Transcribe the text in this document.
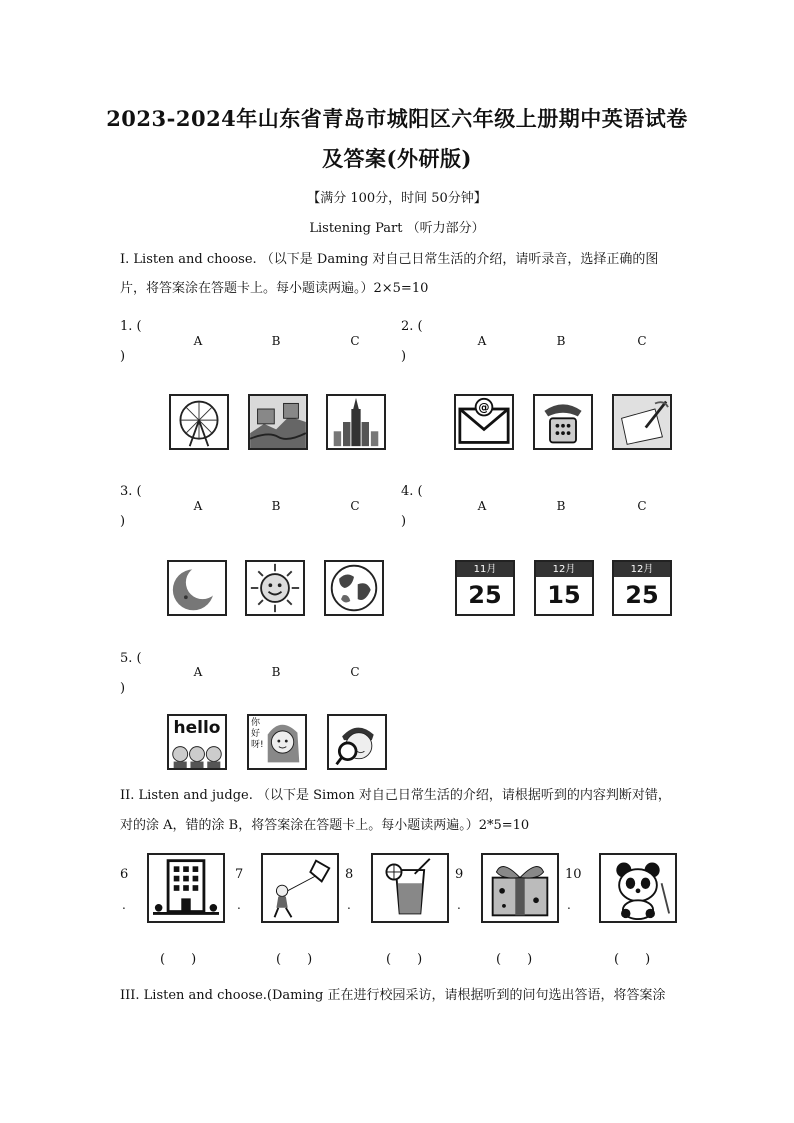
2023-2024年山东省青岛市城阳区六年级上册期中英语试卷
及答案(外研版)
【满分 100分，时间 50分钟】
Listening Part （听力部分）
Ⅰ. Listen and choose. （以下是 Daming 对自己日常生活的介绍，请听录音，选择正确的图
片，将答案涂在答题卡上。每小题读两遍。）2×5=10
1. (
)
A	B	C
2. (
)
A	B	C
@
3. (
)
A	B	C
4. (
)
A	B	C
11月
25
12月
15
12月
25
5. (
)
A	B	C
hello	你好呀!
II. Listen and judge. （以下是 Simon 对自己日常生活的介绍，请根据听到的内容判断对错，
对的涂 A，错的涂 B，将答案涂在答题卡上。每小题读两遍。）2*5=10
6
.
(　　)
7
.
(　　)
8
.
(　　)
9
.
(　　)
10
.
(　　)
III. Listen and choose.(Daming 正在进行校园采访，请根据听到的问句选出答语，将答案涂
